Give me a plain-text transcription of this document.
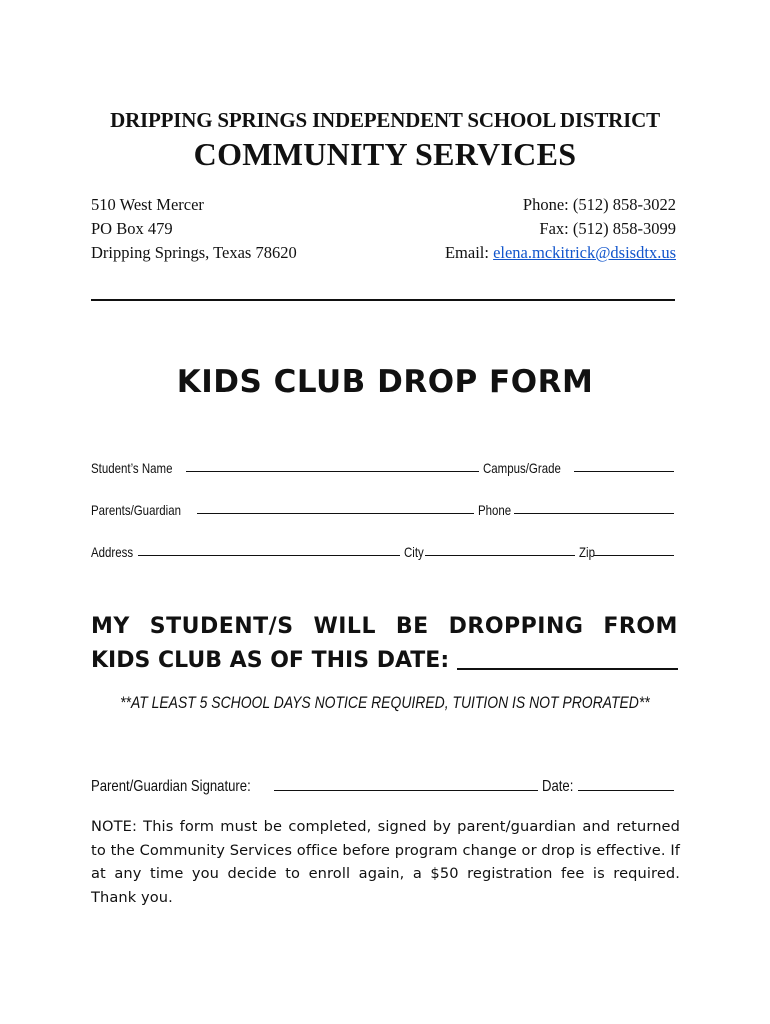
DRIPPING SPRINGS INDEPENDENT SCHOOL DISTRICT
COMMUNITY SERVICES
510 West Mercer
PO Box 479
Dripping Springs, Texas 78620
Phone: (512) 858-3022
Fax: (512) 858-3099
Email: elena.mckitrick@dsisdtx.us
KIDS CLUB DROP FORM
Student’s Name	Campus/Grade
Parents/Guardian	Phone
Address	City	Zip
MY STUDENT/S WILL BE DROPPING FROM
KIDS CLUB AS OF THIS DATE:
**AT LEAST 5 SCHOOL DAYS NOTICE REQUIRED, TUITION IS NOT PRORATED**
Parent/Guardian Signature:	Date:
NOTE: This form must be completed, signed by parent/guardian and returned to the Community Services office before program change or drop is effective. If at any time you decide to enroll again, a $50 registration fee is required. Thank you.
